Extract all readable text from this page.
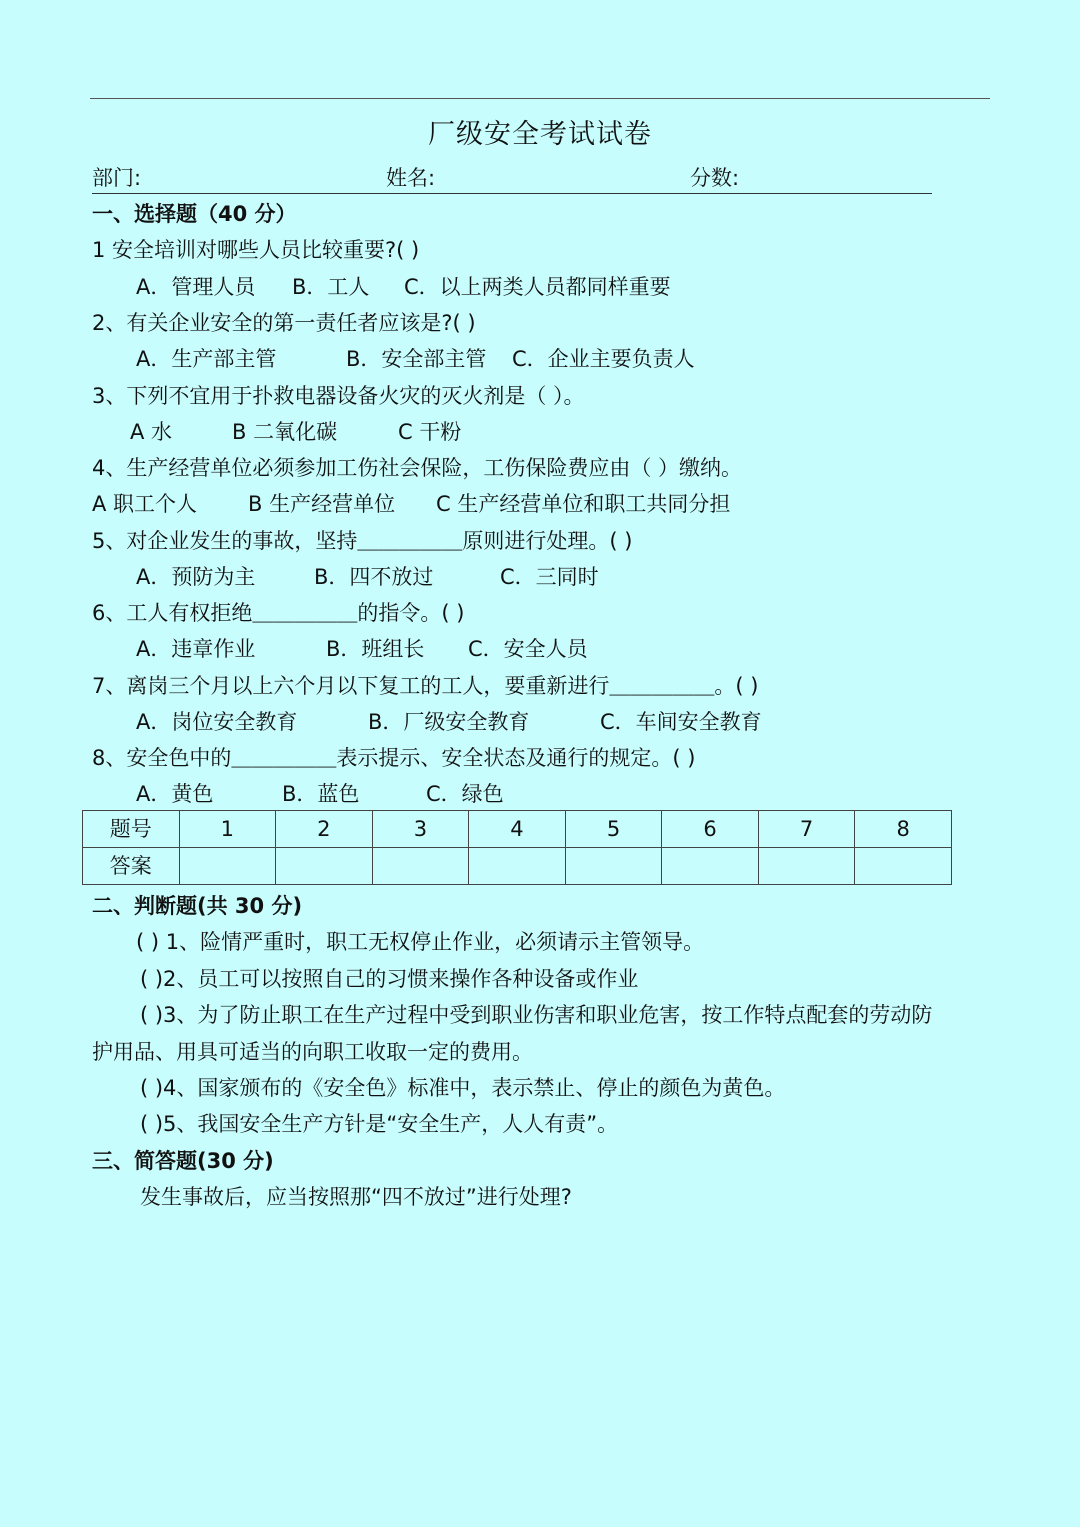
厂级安全考试试卷
部门:	姓名:	分数:
一、选择题（40 分）
1 安全培训对哪些人员比较重要?( )
A．管理人员 B．工人 C．以上两类人员都同样重要
2、有关企业安全的第一责任者应该是?( )
A．生产部主管	B．安全部主管 C．企业主要负责人
3、下列不宜用于扑救电器设备火灾的灭火剂是（ ）。
A 水	B 二氧化碳	C 干粉
4、生产经营单位必须参加工伤社会保险，工伤保险费应由（ ）缴纳。
A 职工个人 B 生产经营单位 C 生产经营单位和职工共同分担
5、对企业发生的事故，坚持＿＿＿＿＿原则进行处理。( )
A．预防为主	B．四不放过	C．三同时
6、工人有权拒绝＿＿＿＿＿的指令。( )
A．违章作业	B．班组长 C．安全人员
7、离岗三个月以上六个月以下复工的工人，要重新进行＿＿＿＿＿。( )
A．岗位安全教育	B．厂级安全教育	C．车间安全教育
8、安全色中的＿＿＿＿＿表示提示、安全状态及通行的规定。( )
A．黄色	B．蓝色	C．绿色
题号	1	2	3	4	5	6	7	8
答案								
二、判断题(共 30 分)
( ) 1、险情严重时，职工无权停止作业，必须请示主管领导。
( )2、员工可以按照自己的习惯来操作各种设备或作业
( )3、为了防止职工在生产过程中受到职业伤害和职业危害，按工作特点配套的劳动防
护用品、用具可适当的向职工收取一定的费用。
( )4、国家颁布的《安全色》标准中，表示禁止、停止的颜色为黄色。
( )5、我国安全生产方针是“安全生产，人人有责”。
三、简答题(30 分)
发生事故后，应当按照那“四不放过”进行处理?
